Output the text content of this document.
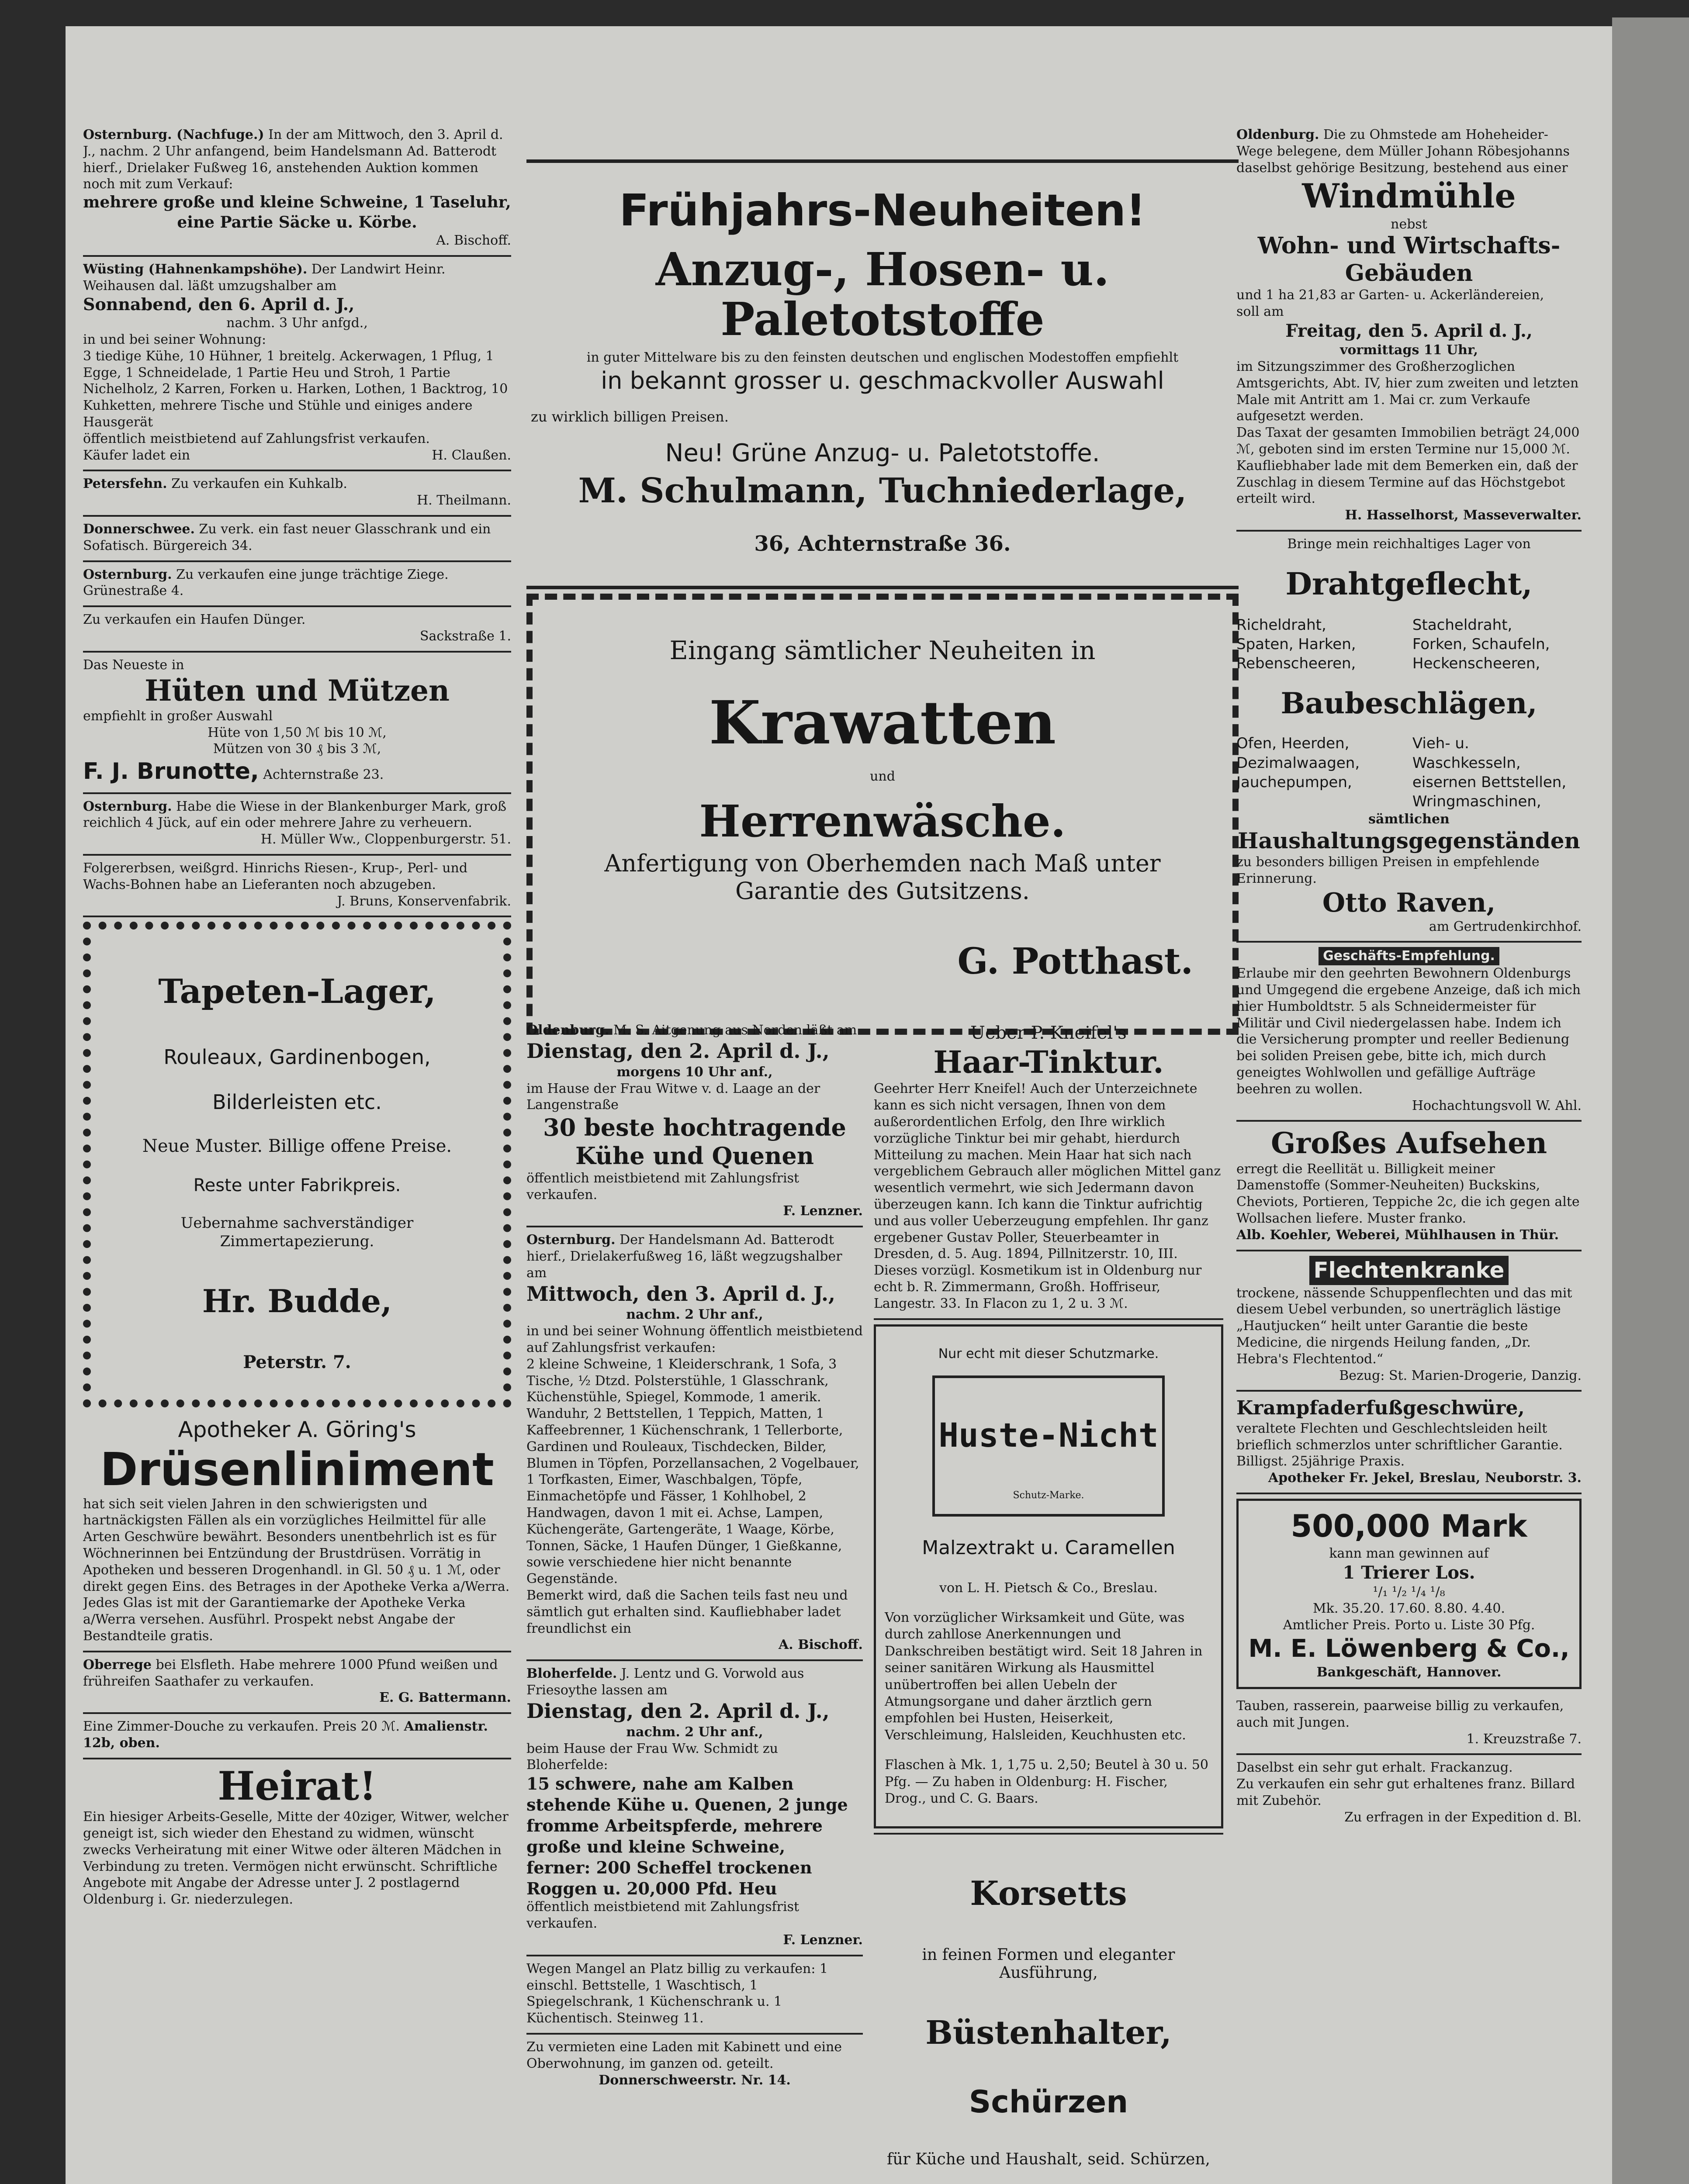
Osternburg. (Nachfuge.) In der am Mittwoch, den 3. April d. J., nachm. 2 Uhr anfangend, beim Handelsmann Ad. Batterodt hierf., Drielaker Fußweg 16, anstehenden Auktion kommen noch mit zum Verkauf:

mehrere große und kleine Schweine, 1 Taseluhr, eine Partie Säcke u. Körbe.

A. Bischoff.

Wüsting (Hahnenkampshöhe). Der Landwirt Heinr. Weihausen dal. läßt umzugshalber am

Sonnabend, den 6. April d. J.,

nachm. 3 Uhr anfgd.,

in und bei seiner Wohnung:

3 tiedige Kühe, 10 Hühner, 1 breitelg. Ackerwagen, 1 Pflug, 1 Egge, 1 Schneidelade, 1 Partie Heu und Stroh, 1 Partie Nichelholz, 2 Karren, Forken u. Harken, Lothen, 1 Backtrog, 10 Kuhketten, mehrere Tische und Stühle und einiges andere Hausgerät

öffentlich meistbietend auf Zahlungsfrist verkaufen.

Käufer ladet ein	H. Claußen.

Petersfehn. Zu verkaufen ein Kuhkalb.

H. Theilmann.

Donnerschwee. Zu verk. ein fast neuer Glasschrank und ein Sofatisch. Bürgereich 34.

Osternburg. Zu verkaufen eine junge trächtige Ziege. Grünestraße 4.

Zu verkaufen ein Haufen Dünger.

Sackstraße 1.

Das Neueste in

Hüten und Mützen

empfiehlt in großer Auswahl

Hüte von 1,50 ℳ bis 10 ℳ,

Mützen von 30 ₰ bis 3 ℳ,

F. J. Brunotte, Achternstraße 23.

Osternburg. Habe die Wiese in der Blankenburger Mark, groß reichlich 4 Jück, auf ein oder mehrere Jahre zu verheuern.

H. Müller Ww., Cloppenburgerstr. 51.

Folgererbsen, weißgrd. Hinrichs Riesen-, Krup-, Perl- und Wachs-Bohnen habe an Lieferanten noch abzugeben.

J. Bruns, Konservenfabrik.

Tapeten-Lager,

Rouleaux, Gardinenbogen,

Bilderleisten etc.

Neue Muster. Billige offene Preise.

Reste unter Fabrikpreis.

Uebernahme sachverständiger Zimmertapezierung.

Hr. Budde,

Peterstr. 7.

Apotheker A. Göring's

Drüsenliniment

hat sich seit vielen Jahren in den schwierigsten und hartnäckigsten Fällen als ein vorzügliches Heilmittel für alle Arten Geschwüre bewährt. Besonders unentbehrlich ist es für Wöchnerinnen bei Entzündung der Brustdrüsen. Vorrätig in Apotheken und besseren Drogenhandl. in Gl. 50 ₰ u. 1 ℳ, oder direkt gegen Eins. des Betrages in der Apotheke Verka a/Werra. Jedes Glas ist mit der Garantiemarke der Apotheke Verka a/Werra versehen. Ausführl. Prospekt nebst Angabe der Bestandteile gratis.

Oberrege bei Elsfleth. Habe mehrere 1000 Pfund weißen und frühreifen Saathafer zu verkaufen.

E. G. Battermann.

Eine Zimmer-Douche zu verkaufen. Preis 20 ℳ. Amalienstr. 12b, oben.

Heirat!

Ein hiesiger Arbeits-Geselle, Mitte der 40ziger, Witwer, welcher geneigt ist, sich wieder den Ehestand zu widmen, wünscht zwecks Verheiratung mit einer Witwe oder älteren Mädchen in Verbindung zu treten. Vermögen nicht erwünscht. Schriftliche Angebote mit Angabe der Adresse unter J. 2 postlagernd Oldenburg i. Gr. niederzulegen.

Frühjahrs-Neuheiten!

Anzug-, Hosen- u. Paletotstoffe

in guter Mittelware bis zu den feinsten deutschen und englischen Modestoffen empfiehlt

in bekannt grosser u. geschmackvoller Auswahl

zu wirklich billigen Preisen.

Neu! Grüne Anzug- u. Paletotstoffe.

M. Schulmann, Tuchniederlage,

36, Achternstraße 36.

Eingang sämtlicher Neuheiten in

Krawatten

und

Herrenwäsche.

Anfertigung von Oberhemden nach Maß unter Garantie des Gutsitzens.

G. Potthast.

Oldenburg. M. S. Aitgenung aus Norden läßt am

Dienstag, den 2. April d. J.,

morgens 10 Uhr anf.,

im Hause der Frau Witwe v. d. Laage an der Langenstraße

30 beste hochtragende Kühe und Quenen

öffentlich meistbietend mit Zahlungsfrist verkaufen.

F. Lenzner.

Osternburg. Der Handelsmann Ad. Batterodt hierf., Drielakerfußweg 16, läßt wegzugshalber am

Mittwoch, den 3. April d. J.,

nachm. 2 Uhr anf.,

in und bei seiner Wohnung öffentlich meistbietend auf Zahlungsfrist verkaufen:

2 kleine Schweine, 1 Kleiderschrank, 1 Sofa, 3 Tische, ½ Dtzd. Polsterstühle, 1 Glasschrank, Küchenstühle, Spiegel, Kommode, 1 amerik. Wanduhr, 2 Bettstellen, 1 Teppich, Matten, 1 Kaffeebrenner, 1 Küchenschrank, 1 Tellerborte, Gardinen und Rouleaux, Tischdecken, Bilder, Blumen in Töpfen, Porzellansachen, 2 Vogelbauer, 1 Torfkasten, Eimer, Waschbalgen, Töpfe, Einmachetöpfe und Fässer, 1 Kohlhobel, 2 Handwagen, davon 1 mit ei. Achse, Lampen, Küchengeräte, Gartengeräte, 1 Waage, Körbe, Tonnen, Säcke, 1 Haufen Dünger, 1 Gießkanne, sowie verschiedene hier nicht benannte Gegenstände.

Bemerkt wird, daß die Sachen teils fast neu und sämtlich gut erhalten sind. Kaufliebhaber ladet freundlichst ein

A. Bischoff.

Bloherfelde. J. Lentz und G. Vorwold aus Friesoythe lassen am

Dienstag, den 2. April d. J.,

nachm. 2 Uhr anf.,

beim Hause der Frau Ww. Schmidt zu Bloherfelde:

15 schwere, nahe am Kalben stehende Kühe u. Quenen, 2 junge fromme Arbeitspferde, mehrere große und kleine Schweine,

ferner: 200 Scheffel trockenen Roggen u. 20,000 Pfd. Heu

öffentlich meistbietend mit Zahlungsfrist verkaufen.

F. Lenzner.

Wegen Mangel an Platz billig zu verkaufen: 1 einschl. Bettstelle, 1 Waschtisch, 1 Spiegelschrank, 1 Küchenschrank u. 1 Küchentisch. Steinweg 11.

Zu vermieten eine Laden mit Kabinett und eine Oberwohnung, im ganzen od. geteilt.

Donnerschweerstr. Nr. 14.

Ueber P. Kneifel's

Haar-Tinktur.

Geehrter Herr Kneifel! Auch der Unterzeichnete kann es sich nicht versagen, Ihnen von dem außerordentlichen Erfolg, den Ihre wirklich vorzügliche Tinktur bei mir gehabt, hierdurch Mitteilung zu machen. Mein Haar hat sich nach vergeblichem Gebrauch aller möglichen Mittel ganz wesentlich vermehrt, wie sich Jedermann davon überzeugen kann. Ich kann die Tinktur aufrichtig und aus voller Ueberzeugung empfehlen. Ihr ganz ergebener Gustav Poller, Steuerbeamter in Dresden, d. 5. Aug. 1894, Pillnitzerstr. 10, III.

Dieses vorzügl. Kosmetikum ist in Oldenburg nur echt b. R. Zimmermann, Großh. Hoffriseur, Langestr. 33. In Flacon zu 1, 2 u. 3 ℳ.

Nur echt mit dieser Schutzmarke.

Huste-Nicht

Schutz-Marke.

Malzextrakt u. Caramellen

von L. H. Pietsch & Co., Breslau.

Von vorzüglicher Wirksamkeit und Güte, was durch zahllose Anerkennungen und Dankschreiben bestätigt wird. Seit 18 Jahren in seiner sanitären Wirkung als Hausmittel unübertroffen bei allen Uebeln der Atmungsorgane und daher ärztlich gern empfohlen bei Husten, Heiserkeit, Verschleimung, Halsleiden, Keuchhusten etc.

Flaschen à Mk. 1, 1,75 u. 2,50; Beutel à 30 u. 50 Pfg. — Zu haben in Oldenburg: H. Fischer, Drog., und C. G. Baars.

Korsetts

in feinen Formen und eleganter Ausführung,

Büstenhalter,

Schürzen

für Küche und Haushalt, seid. Schürzen,

Oldenburg. Die zu Ohmstede am Hoheheider-Wege belegene, dem Müller Johann Röbesjohanns daselbst gehörige Besitzung, bestehend aus einer

Windmühle

nebst

Wohn- und Wirtschafts-Gebäuden

und 1 ha 21,83 ar Garten- u. Ackerländereien,

soll am

Freitag, den 5. April d. J.,

vormittags 11 Uhr,

im Sitzungszimmer des Großherzoglichen Amtsgerichts, Abt. IV, hier zum zweiten und letzten Male mit Antritt am 1. Mai cr. zum Verkaufe aufgesetzt werden.

Das Taxat der gesamten Immobilien beträgt 24,000 ℳ, geboten sind im ersten Termine nur 15,000 ℳ.

Kaufliebhaber lade mit dem Bemerken ein, daß der Zuschlag in diesem Termine auf das Höchstgebot erteilt wird.

H. Hasselhorst, Masseverwalter.

Bringe mein reichhaltiges Lager von

Drahtgeflecht,

Richeldraht,
Spaten, Harken,
Rebenscheeren,
Stacheldraht,
Forken, Schaufeln,
Heckenscheeren,

Baubeschlägen,

Ofen, Heerden,
Dezimalwaagen,
Jauchepumpen,
Vieh- u. Waschkesseln,
eisernen Bettstellen,
Wringmaschinen,

sämtlichen

Haushaltungsgegenständen

zu besonders billigen Preisen in empfehlende Erinnerung.

Otto Raven,

am Gertrudenkirchhof.

Geschäfts-Empfehlung.

Erlaube mir den geehrten Bewohnern Oldenburgs und Umgegend die ergebene Anzeige, daß ich mich hier Humboldtstr. 5 als Schneidermeister für Militär und Civil niedergelassen habe. Indem ich die Versicherung prompter und reeller Bedienung bei soliden Preisen gebe, bitte ich, mich durch geneigtes Wohlwollen und gefällige Aufträge beehren zu wollen.

Hochachtungsvoll W. Ahl.

Großes Aufsehen

erregt die Reellität u. Billigkeit meiner Damenstoffe (Sommer-Neuheiten) Buckskins, Cheviots, Portieren, Teppiche 2c, die ich gegen alte Wollsachen liefere. Muster franko.

Alb. Koehler, Weberei, Mühlhausen in Thür.

Flechtenkranke

trockene, nässende Schuppenflechten und das mit diesem Uebel verbunden, so unerträglich lästige „Hautjucken“ heilt unter Garantie die beste Medicine, die nirgends Heilung fanden, „Dr. Hebra's Flechtentod.“

Bezug: St. Marien-Drogerie, Danzig.

Krampfaderfußgeschwüre,

veraltete Flechten und Geschlechtsleiden heilt brieflich schmerzlos unter schriftlicher Garantie. Billigst. 25jährige Praxis.

Apotheker Fr. Jekel, Breslau, Neuborstr. 3.

500,000 Mark

kann man gewinnen auf

1 Trierer Los.

¹/₁ ¹/₂ ¹/₄ ¹/₈

Mk. 35.20. 17.60. 8.80. 4.40.

Amtlicher Preis. Porto u. Liste 30 Pfg.

M. E. Löwenberg & Co.,

Bankgeschäft, Hannover.

Tauben, rasserein, paarweise billig zu verkaufen, auch mit Jungen.

1. Kreuzstraße 7.

Daselbst ein sehr gut erhalt. Frackanzug.

Zu verkaufen ein sehr gut erhaltenes franz. Billard mit Zubehör.

Zu erfragen in der Expedition d. Bl.
